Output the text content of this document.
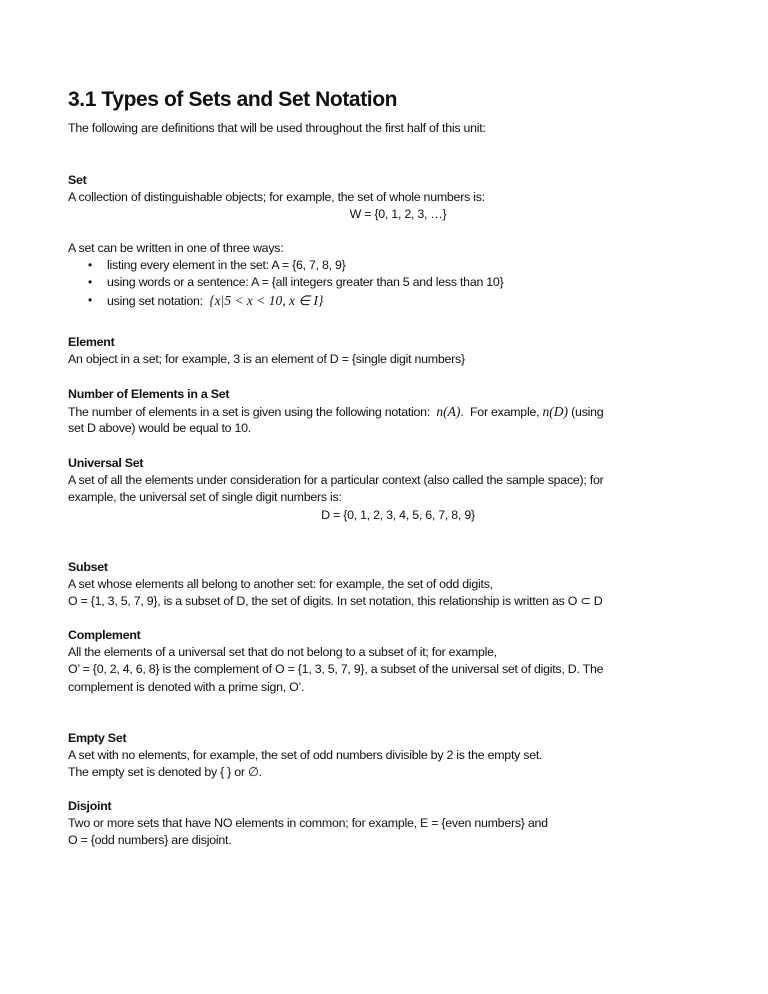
3.1 Types of Sets and Set Notation
The following are definitions that will be used throughout the first half of this unit:
Set
A collection of distinguishable objects; for example, the set of whole numbers is:
W = {0, 1, 2, 3, …}
A set can be written in one of three ways:
• listing every element in the set: A = {6, 7, 8, 9}
• using words or a sentence: A = {all integers greater than 5 and less than 10}
• using set notation:  {x|5 < x < 10, x ∈ I}
Element
An object in a set; for example, 3 is an element of D = {single digit numbers}
Number of Elements in a Set
The number of elements in a set is given using the following notation:  n(A).  For example, n(D) (using
set D above) would be equal to 10.
Universal Set
A set of all the elements under consideration for a particular context (also called the sample space); for
example, the universal set of single digit numbers is:
D = {0, 1, 2, 3, 4, 5, 6, 7, 8, 9}
Subset
A set whose elements all belong to another set: for example, the set of odd digits,
O = {1, 3, 5, 7, 9}, is a subset of D, the set of digits. In set notation, this relationship is written as O ⊂ D
Complement
All the elements of a universal set that do not belong to a subset of it; for example,
O’ = {0, 2, 4, 6, 8} is the complement of O = {1, 3, 5, 7, 9}, a subset of the universal set of digits, D. The
complement is denoted with a prime sign, O’.
Empty Set
A set with no elements, for example, the set of odd numbers divisible by 2 is the empty set.
The empty set is denoted by { } or ∅.
Disjoint
Two or more sets that have NO elements in common; for example, E = {even numbers} and
O = {odd numbers} are disjoint.
